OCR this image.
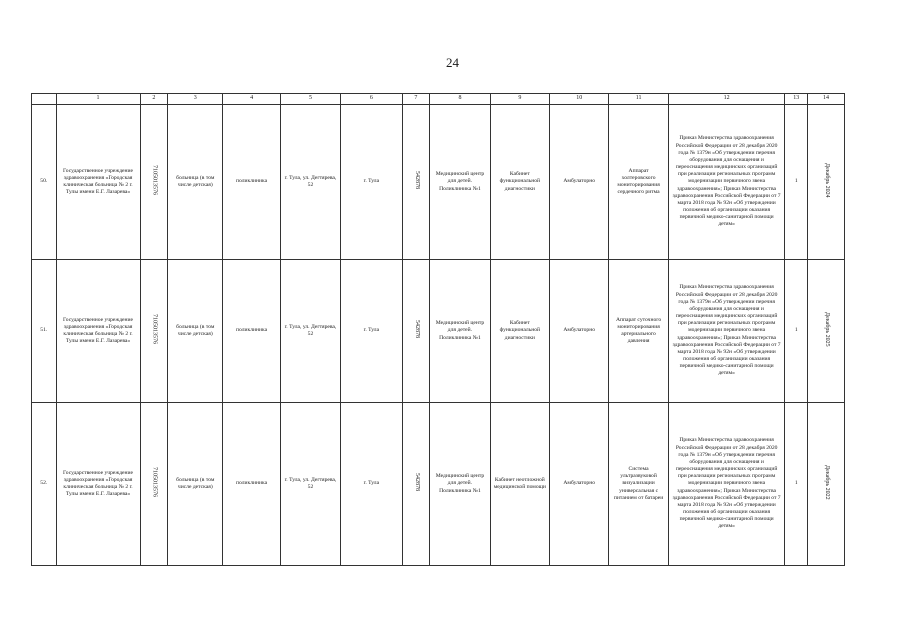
24
	1	2	3	4	5	6	7	8	9	10	11	12	13	14
50.	Государственное учреждение здравоохранения «Городская клиническая больница № 2 г. Тулы имени Е.Г. Лазарева»	7105013576	больница (в том числе детская)	поликлиника	г. Тула, ул. Дегтярева, 52	г. Тула	542878	Медицинский центр для детей. Поликлиника №1	Кабинет функциональной диагностики	Амбулаторно	Аппарат холтеровского мониторирования сердечного ритма	Приказ Министерства здравоохранения Российской Федерации от 28 декабря 2020 года № 1379н «Об утверждении перечня оборудования для оснащения и переоснащения медицинских организаций при реализации региональных программ модернизации первичного звена здравоохранения»; Приказ Министерства здравоохранения Российской Федерации от 7 марта 2018 года № 92н «Об утверждении положения об организации оказания первичной медико-санитарной помощи детям»	1	Декабрь 2024
51.	Государственное учреждение здравоохранения «Городская клиническая больница № 2 г. Тулы имени Е.Г. Лазарева»	7105013576	больница (в том числе детская)	поликлиника	г. Тула, ул. Дегтярева, 52	г. Тула	542878	Медицинский центр для детей. Поликлиника №1	Кабинет функциональной диагностики	Амбулаторно	Аппарат суточного мониторирования артериального давления	Приказ Министерства здравоохранения Российской Федерации от 28 декабря 2020 года № 1379н «Об утверждении перечня оборудования для оснащения и переоснащения медицинских организаций при реализации региональных программ модернизации первичного звена здравоохранения»; Приказ Министерства здравоохранения Российской Федерации от 7 марта 2018 года № 92н «Об утверждении положения об организации оказания первичной медико-санитарной помощи детям»	1	Декабрь 2025
52.	Государственное учреждение здравоохранения «Городская клиническая больница № 2 г. Тулы имени Е.Г. Лазарева»	7105013576	больница (в том числе детская)	поликлиника	г. Тула, ул. Дегтярева, 52	г. Тула	542878	Медицинский центр для детей. Поликлиника №1	Кабинет неотложной медицинской помощи	Амбулаторно	Система ультразвуковой визуализации универсальная с питанием от батареи	Приказ Министерства здравоохранения Российской Федерации от 28 декабря 2020 года № 1379н «Об утверждении перечня оборудования для оснащения и переоснащения медицинских организаций при реализации региональных программ модернизации первичного звена здравоохранения»; Приказ Министерства здравоохранения Российской Федерации от 7 марта 2018 года № 92н «Об утверждении положения об организации оказания первичной медико-санитарной помощи детям»	1	Декабрь 2022
